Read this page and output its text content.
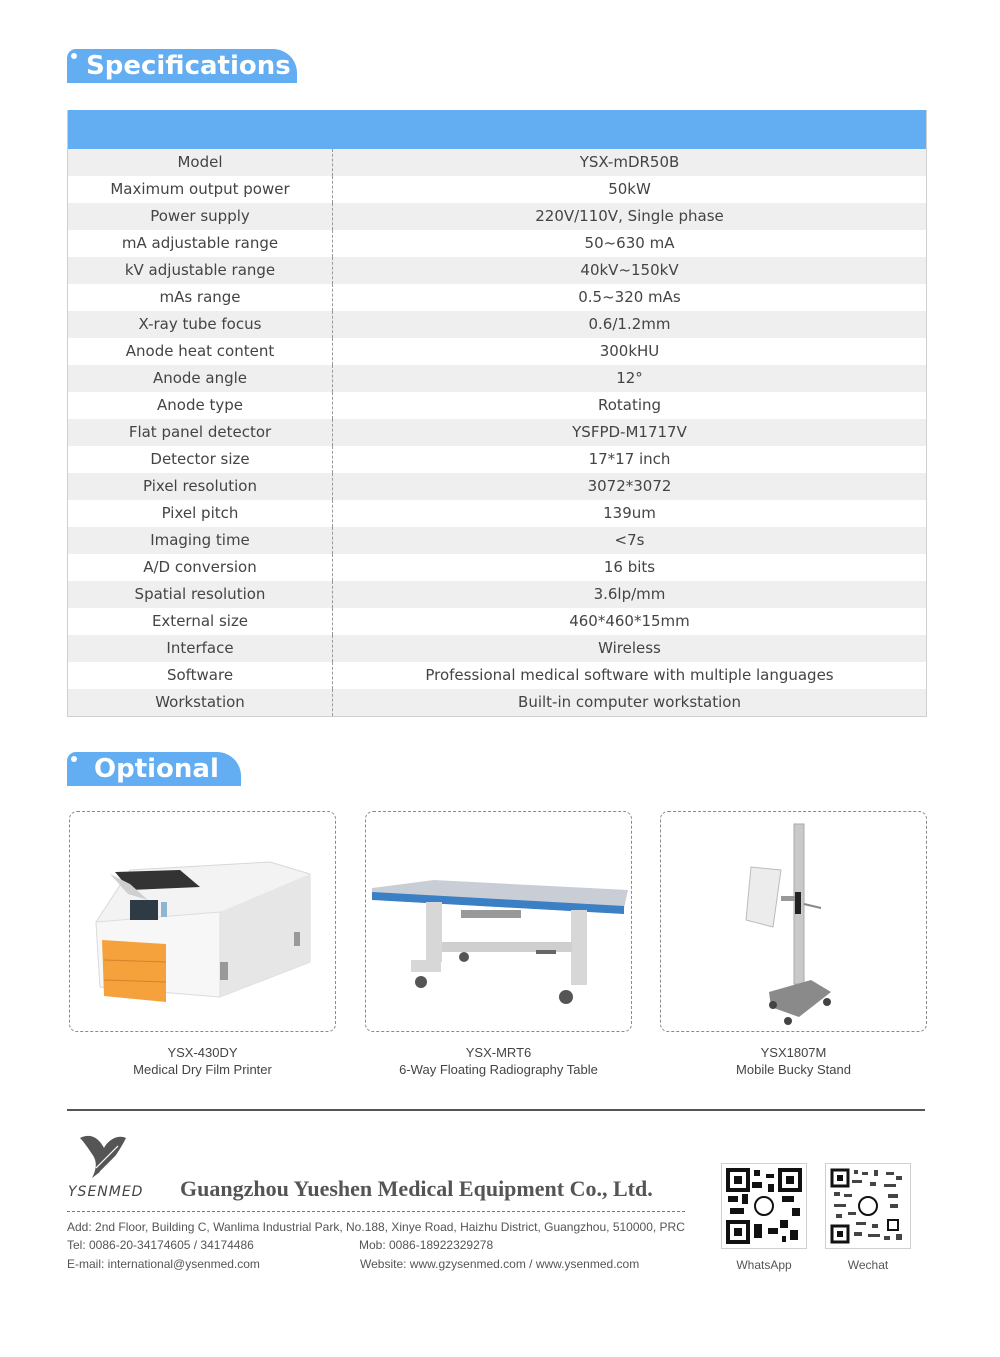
Specifications
Model	YSX-mDR50B
Maximum output power	50kW
Power supply	220V/110V, Single phase
mA adjustable range	50~630 mA
kV adjustable range	40kV~150kV
mAs range	0.5~320 mAs
X-ray tube focus	0.6/1.2mm
Anode heat content	300kHU
Anode angle	12°
Anode type	Rotating
Flat panel detector	YSFPD-M1717V
Detector size	17*17 inch
Pixel resolution	3072*3072
Pixel pitch	139um
Imaging time	<7s
A/D conversion	16 bits
Spatial resolution	3.6lp/mm
External size	460*460*15mm
Interface	Wireless
Software	Professional medical software with multiple languages
Workstation	Built-in computer workstation
Optional
YSX-430DY
Medical Dry Film Printer
YSX-MRT6
6-Way Floating Radiography Table
YSX1807M
Mobile Bucky Stand
YSENMED Guangzhou Yueshen Medical Equipment Co., Ltd.
Add: 2nd Floor, Building C, Wanlima Industrial Park, No.188, Xinye Road, Haizhu District, Guangzhou, 510000, PRC
Tel: 0086-20-34174605 / 34174486	Mob: 0086-18922329278
E-mail: international@ysenmed.com	Website: www.gzysenmed.com / www.ysenmed.com	WhatsApp	Wechat
